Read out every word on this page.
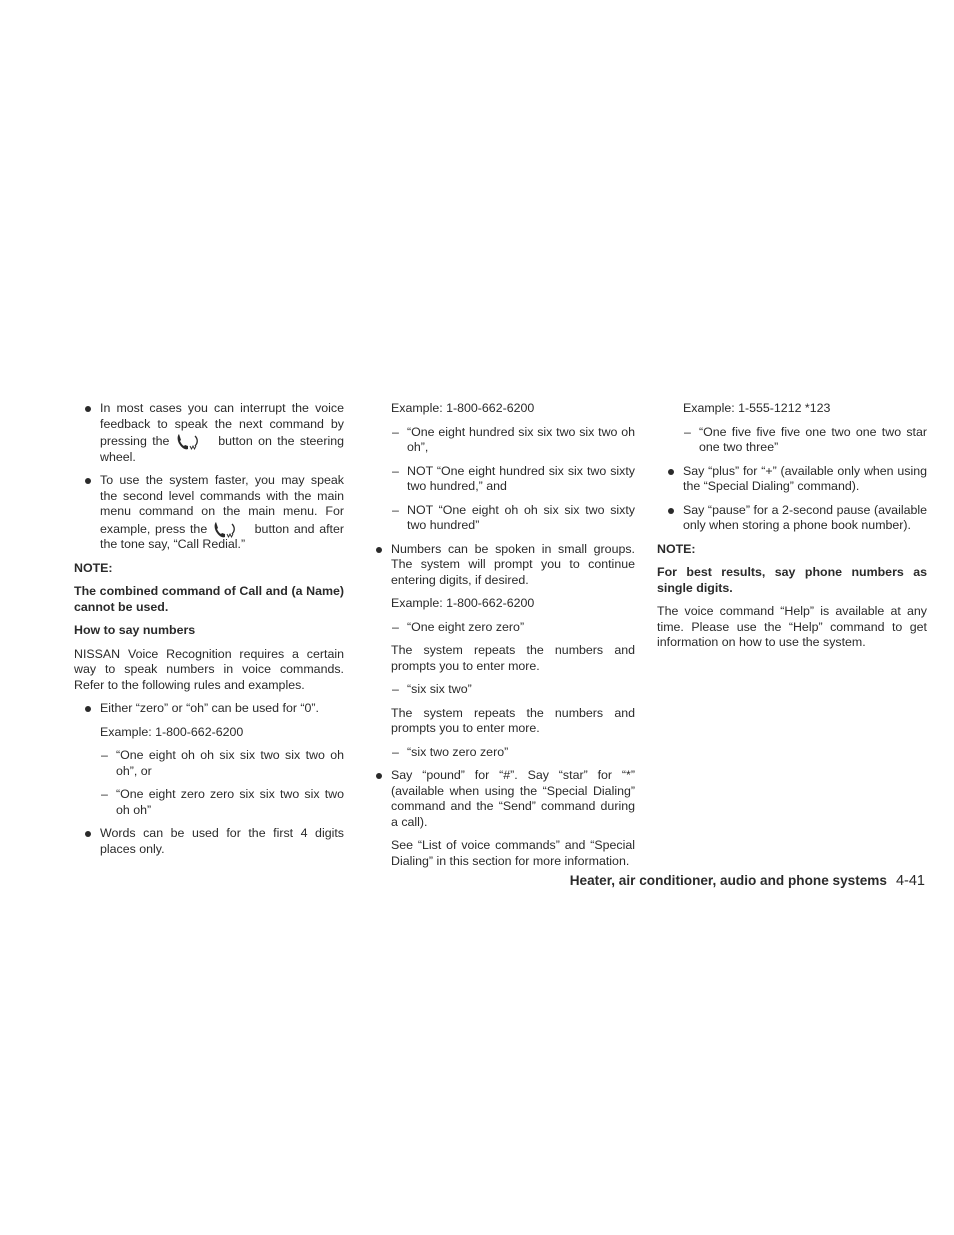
In most cases you can interrupt the voice feedback to speak the next command by pressing the	button on the steering wheel.
To use the system faster, you may speak the second level commands with the main menu command on the main menu. For example, press the	button and after the tone say, “Call Redial.”

NOTE:

The combined command of Call and (a Name) cannot be used.

How to say numbers

NISSAN Voice Recognition requires a certain way to speak numbers in voice commands. Refer to the following rules and examples.

Either “zero” or “oh” can be used for “0”.

Example: 1-800-662-6200

– “One eight oh oh six six two six two oh oh”, or
– “One eight zero zero six six two six two oh oh”
Words can be used for the first 4 digits places only.

Example: 1-800-662-6200

– “One eight hundred six six two six two oh oh”,
– NOT “One eight hundred six six two sixty two hundred,” and
– NOT “One eight oh oh six six two sixty two hundred”
Numbers can be spoken in small groups. The system will prompt you to continue entering digits, if desired.

Example: 1-800-662-6200

– “One eight zero zero”

The system repeats the numbers and prompts you to enter more.

– “six six two”

The system repeats the numbers and prompts you to enter more.

– “six two zero zero”
Say “pound” for “#”. Say “star” for “*” (available when using the “Special Dialing” command and the “Send” command during a call).

See “List of voice commands” and “Special Dialing” in this section for more information.

Example: 1-555-1212 *123

– “One five five five one two one two star one two three”
Say “plus” for “+” (available only when using the “Special Dialing” command).
Say “pause” for a 2-second pause (available only when storing a phone book number).

NOTE:

For best results, say phone numbers as single digits.

The voice command “Help” is available at any time. Please use the “Help” command to get information on how to use the system.

Heater, air conditioner, audio and phone systems 4-41
